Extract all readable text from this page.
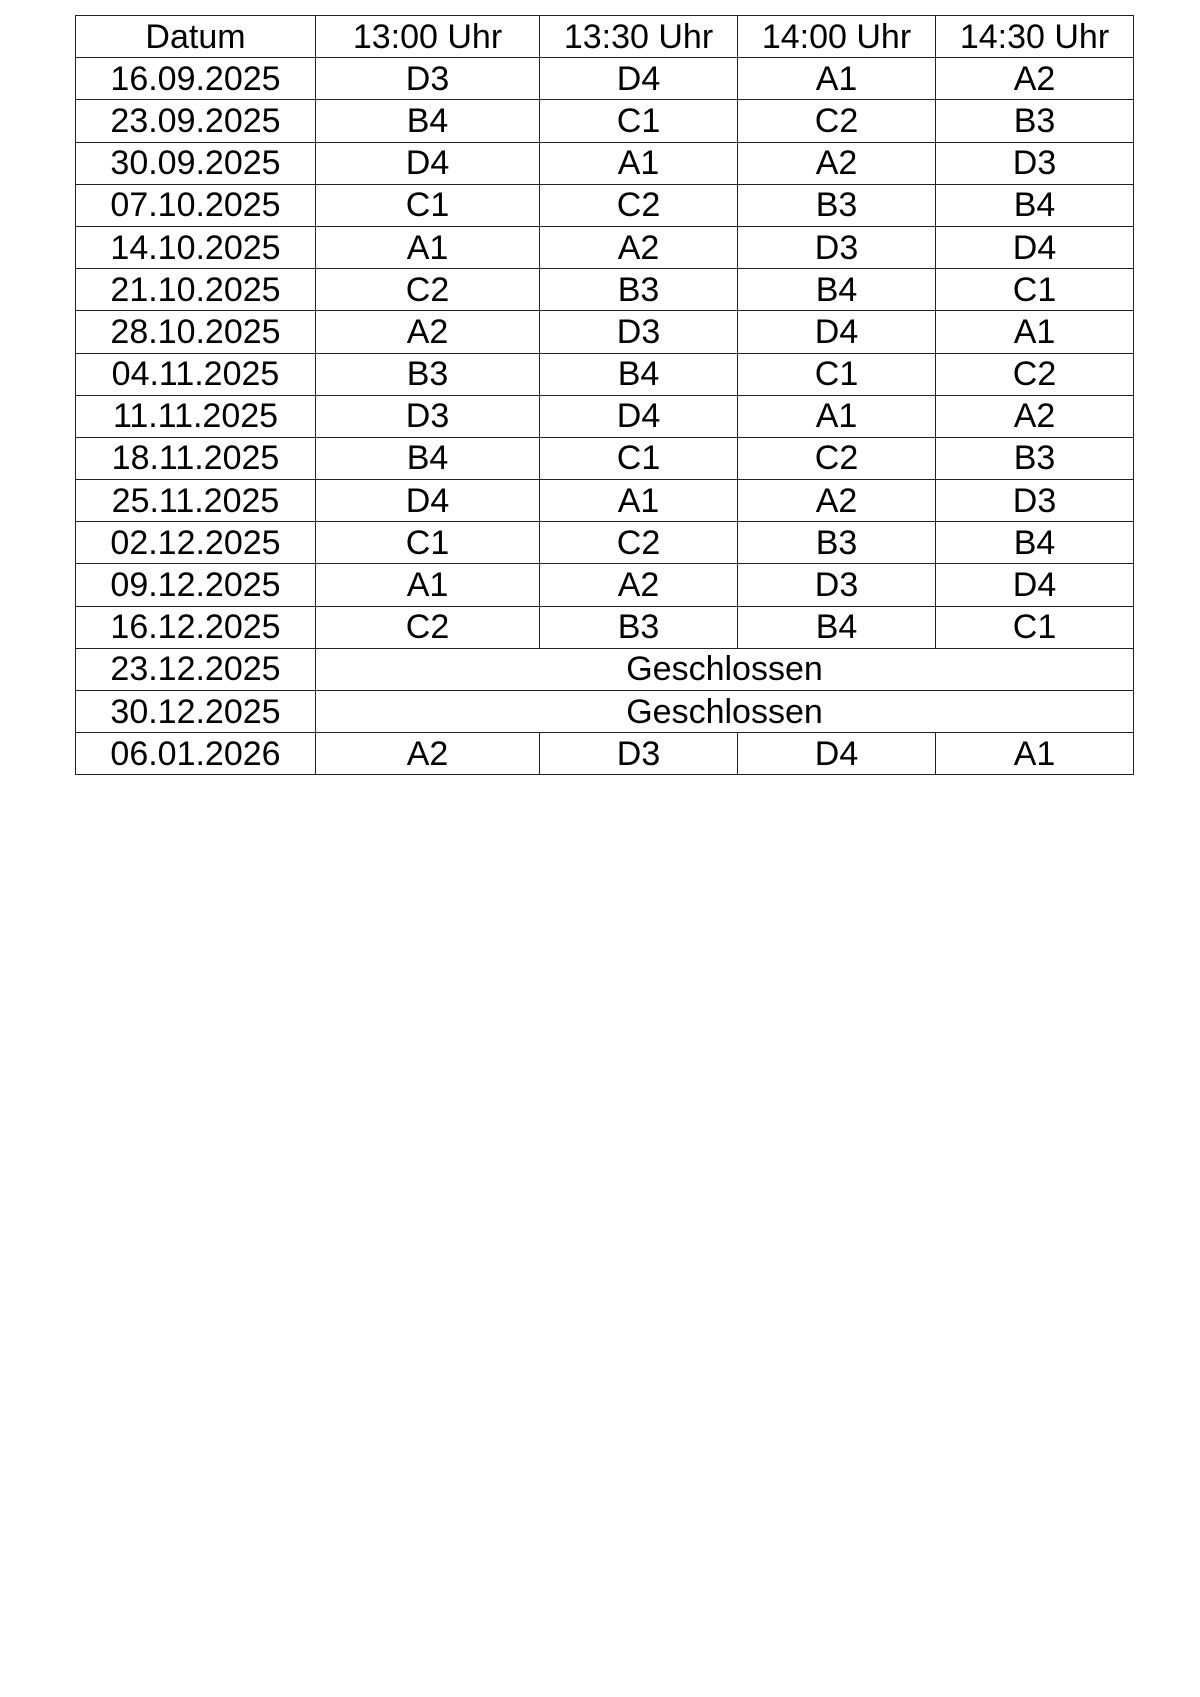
Datum	13:00 Uhr	13:30 Uhr	14:00 Uhr	14:30 Uhr
16.09.2025	D3	D4	A1	A2
23.09.2025	B4	C1	C2	B3
30.09.2025	D4	A1	A2	D3
07.10.2025	C1	C2	B3	B4
14.10.2025	A1	A2	D3	D4
21.10.2025	C2	B3	B4	C1
28.10.2025	A2	D3	D4	A1
04.11.2025	B3	B4	C1	C2
11.11.2025	D3	D4	A1	A2
18.11.2025	B4	C1	C2	B3
25.11.2025	D4	A1	A2	D3
02.12.2025	C1	C2	B3	B4
09.12.2025	A1	A2	D3	D4
16.12.2025	C2	B3	B4	C1
23.12.2025	Geschlossen			
30.12.2025	Geschlossen			
06.01.2026	A2	D3	D4	A1
